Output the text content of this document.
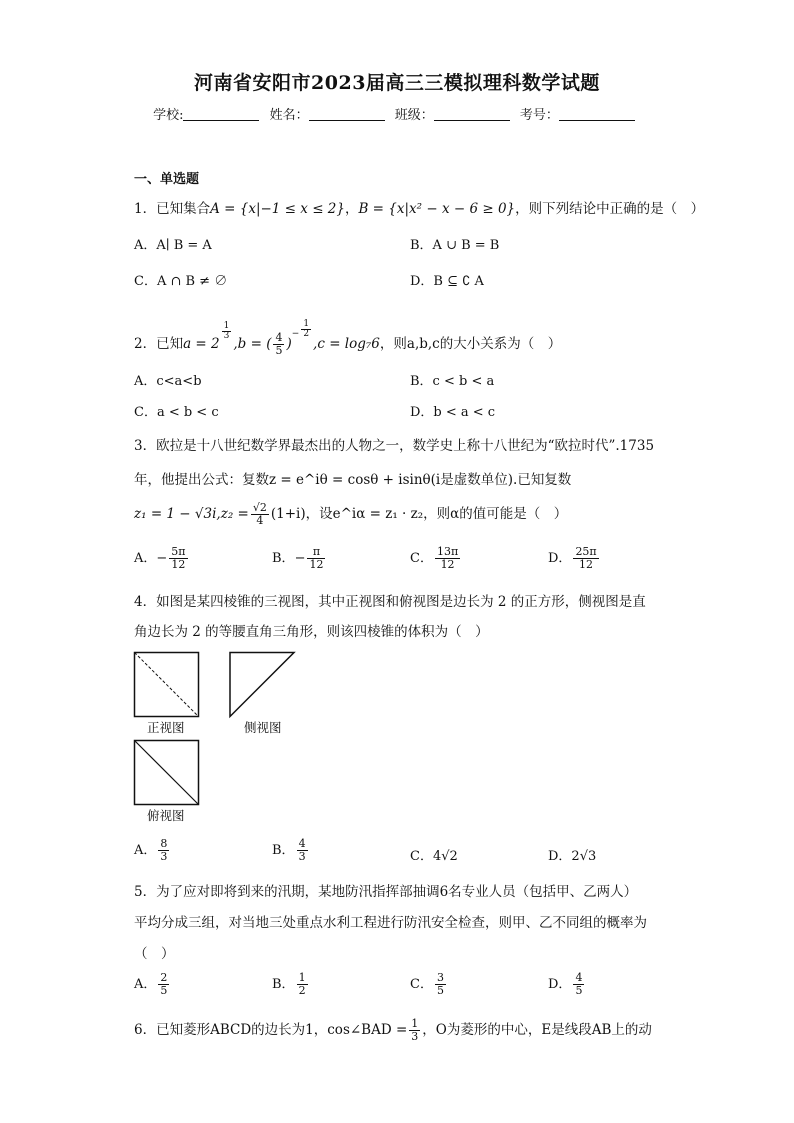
河南省安阳市2023届高三三模拟理科数学试题
学校:	姓名：	班级：	考号：
一、单选题
1．已知集合A = {x|−1 ≤ x ≤ 2}，B = {x|x² − x − 6 ≥ 0}，则下列结论中正确的是（　）
A．A∣ B = A	B．A ∪ B = B
C．A ∩ B ≠ ∅	D．B ⊆ ∁ A
2．已知a = 2
$\frac{1}{3}$
,b = ( $\frac{4}{5} )^- \frac{1}{2}$
,c = log₇6，则a,b,c的大小关系为（　）
A．c<a<b	B．c < b < a
C．a < b < c	D．b < a < c
3．欧拉是十八世纪数学界最杰出的人物之一，数学史上称十八世纪为“欧拉时代”.1735
年，他提出公式：复数z = e^iθ = cosθ + isinθ(i是虚数单位).已知复数
$z_1 = 1 - √3i,z_2 = \frac{√2}{4} (1+i)$，设e^iα = z₁ · z₂，则α的值可能是（　）
A．− $\frac{5\pi}{12}$	B．− $\frac{\pi}{12}$	C． $\frac{13\pi}{12}$	D． $\frac{25\pi}{12}$
4．如图是某四棱锥的三视图，其中正视图和俯视图是边长为 2 的正方形，侧视图是直
角边长为 2 的等腰直角三角形，则该四棱锥的体积为（　）
正视图	侧视图
俯视图
A． $\frac{8}{3}$	B． $\frac{4}{3}$	C．4√2	D．2√3
5．为了应对即将到来的汛期，某地防汛指挥部抽调6名专业人员（包括甲、乙两人）
平均分成三组，对当地三处重点水利工程进行防汛安全检查，则甲、乙不同组的概率为
（　）
A． $\frac{2}{5}$	B． $\frac{1}{2}$	C． $\frac{3}{5}$	D． $\frac{4}{5}$
6．已知菱形ABCD的边长为1，cos∠BAD = $\frac{1}{3}$ ，O为菱形的中心，E是线段AB上的动
